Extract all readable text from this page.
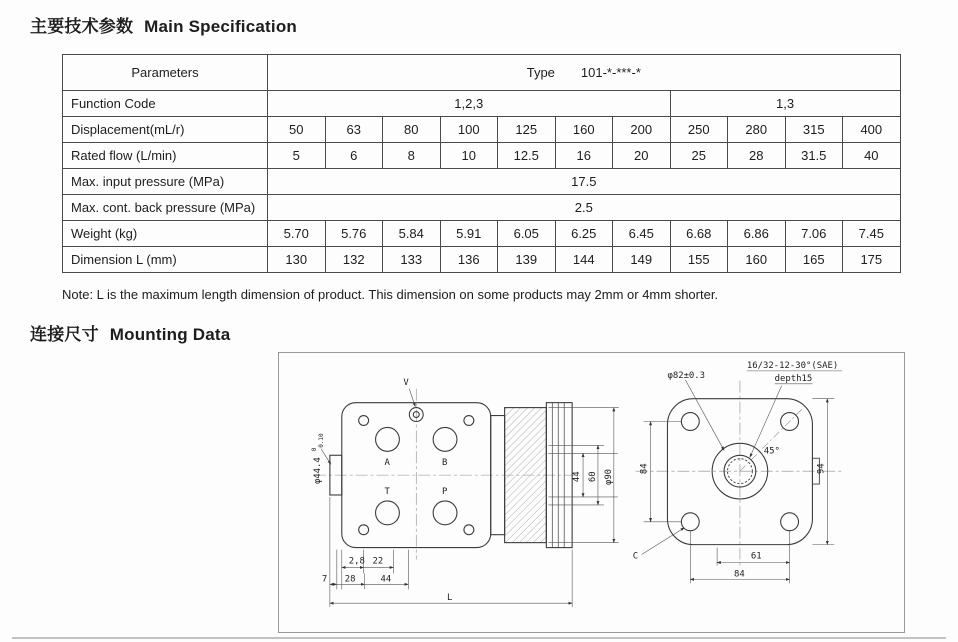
主要技术参数 Main Specification
Parameters	Type 101-*-***-*										
Function Code	1,2,3							1,3			
Displacement(mL/r)	50	63	80	100	125	160	200	250	280	315	400
Rated flow (L/min)	5	6	8	10	12.5	16	20	25	28	31.5	40
Max. input pressure (MPa)	17.5										
Max. cont. back pressure (MPa)	2.5										
Weight (kg)	5.70	5.76	5.84	5.91	6.05	6.25	6.45	6.68	6.86	7.06	7.45
Dimension L (mm)	130	132	133	136	139	144	149	155	160	165	175
Note: L is the maximum length dimension of product. This dimension on some products may 2mm or 4mm shorter.
连接尺寸 Mounting Data
V
A	B
T	P
2,8 22
7 28	44
L
44 60 φ90
84	94
61
84
C
45°
φ82±0.3
16/32-12-30°(SAE)
depth15
φ44.4
0 -0.10
